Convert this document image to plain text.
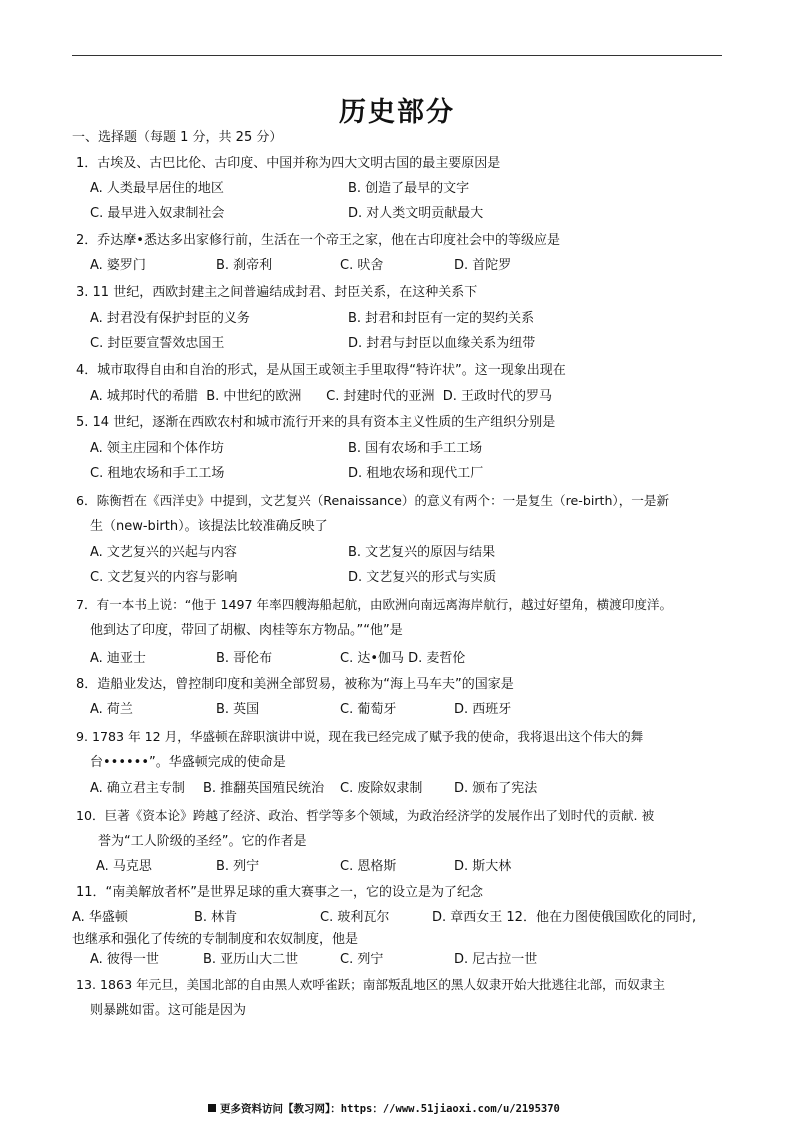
历史部分
一、选择题（每题 1 分，共 25 分）
1．古埃及、古巴比伦、古印度、中国并称为四大文明古国的最主要原因是
A. 人类最早居住的地区	B. 创造了最早的文字
C. 最早进入奴隶制社会	D. 对人类文明贡献最大
2．乔达摩•悉达多出家修行前，生活在一个帝王之家，他在古印度社会中的等级应是
A. 婆罗门	B. 刹帝利	C. 吠舍	D. 首陀罗
3. 11 世纪，西欧封建主之间普遍结成封君、封臣关系，在这种关系下
A. 封君没有保护封臣的义务	B. 封君和封臣有一定的契约关系
C. 封臣要宣誓效忠国王	D. 封君与封臣以血缘关系为纽带
4．城市取得自由和自治的形式，是从国王或领主手里取得“特许状”。这一现象出现在
A. 城邦时代的希腊  B. 中世纪的欧洲      C. 封建时代的亚洲  D. 王政时代的罗马
5. 14 世纪，逐渐在西欧农村和城市流行开来的具有资本主义性质的生产组织分别是
A. 领主庄园和个体作坊	B. 国有农场和手工工场
C. 租地农场和手工工场	D. 租地农场和现代工厂
6．陈衡哲在《西洋史》中提到，文艺复兴（Renaissance）的意义有两个：一是复生（re-birth），一是新
生（new-birth）。该提法比较准确反映了
A. 文艺复兴的兴起与内容	B. 文艺复兴的原因与结果
C. 文艺复兴的内容与影响	D. 文艺复兴的形式与实质
7．有一本书上说：“他于 1497 年率四艘海船起航，由欧洲向南远离海岸航行，越过好望角，横渡印度洋。
他到达了印度，带回了胡椒、肉桂等东方物品。”“他”是
A. 迪亚士	B. 哥伦布	C. 达•伽马 D. 麦哲伦
8．造船业发达，曾控制印度和美洲全部贸易，被称为“海上马车夫”的国家是
A. 荷兰	B. 英国	C. 葡萄牙	D. 西班牙
9. 1783 年 12 月，华盛顿在辞职演讲中说，现在我已经完成了赋予我的使命，我将退出这个伟大的舞
台••••••”。华盛顿完成的使命是
A. 确立君主专制 B. 推翻英国殖民统治 C. 废除奴隶制 D. 颁布了宪法
10．巨著《资本论》跨越了经济、政治、哲学等多个领域，为政治经济学的发展作出了划时代的贡献. 被
誉为“工人阶级的圣经”。它的作者是
A. 马克思	B. 列宁	C. 恩格斯	D. 斯大林
11．“南美解放者杯”是世界足球的重大赛事之一，它的设立是为了纪念
A. 华盛顿	B. 林肯	C. 玻利瓦尔	D. 章西女王 12．他在力图使俄国欧化的同时,
也继承和强化了传统的专制制度和农奴制度，他是
A. 彼得一世	B. 亚历山大二世	C. 列宁	D. 尼古拉一世
13. 1863 年元旦，美国北部的自由黑人欢呼雀跃；南部叛乱地区的黑人奴隶开始大批逃往北部，而奴隶主
则暴跳如雷。这可能是因为
更多资料访问【教习网】：https：//www.51jiaoxi.com/u/2195370
